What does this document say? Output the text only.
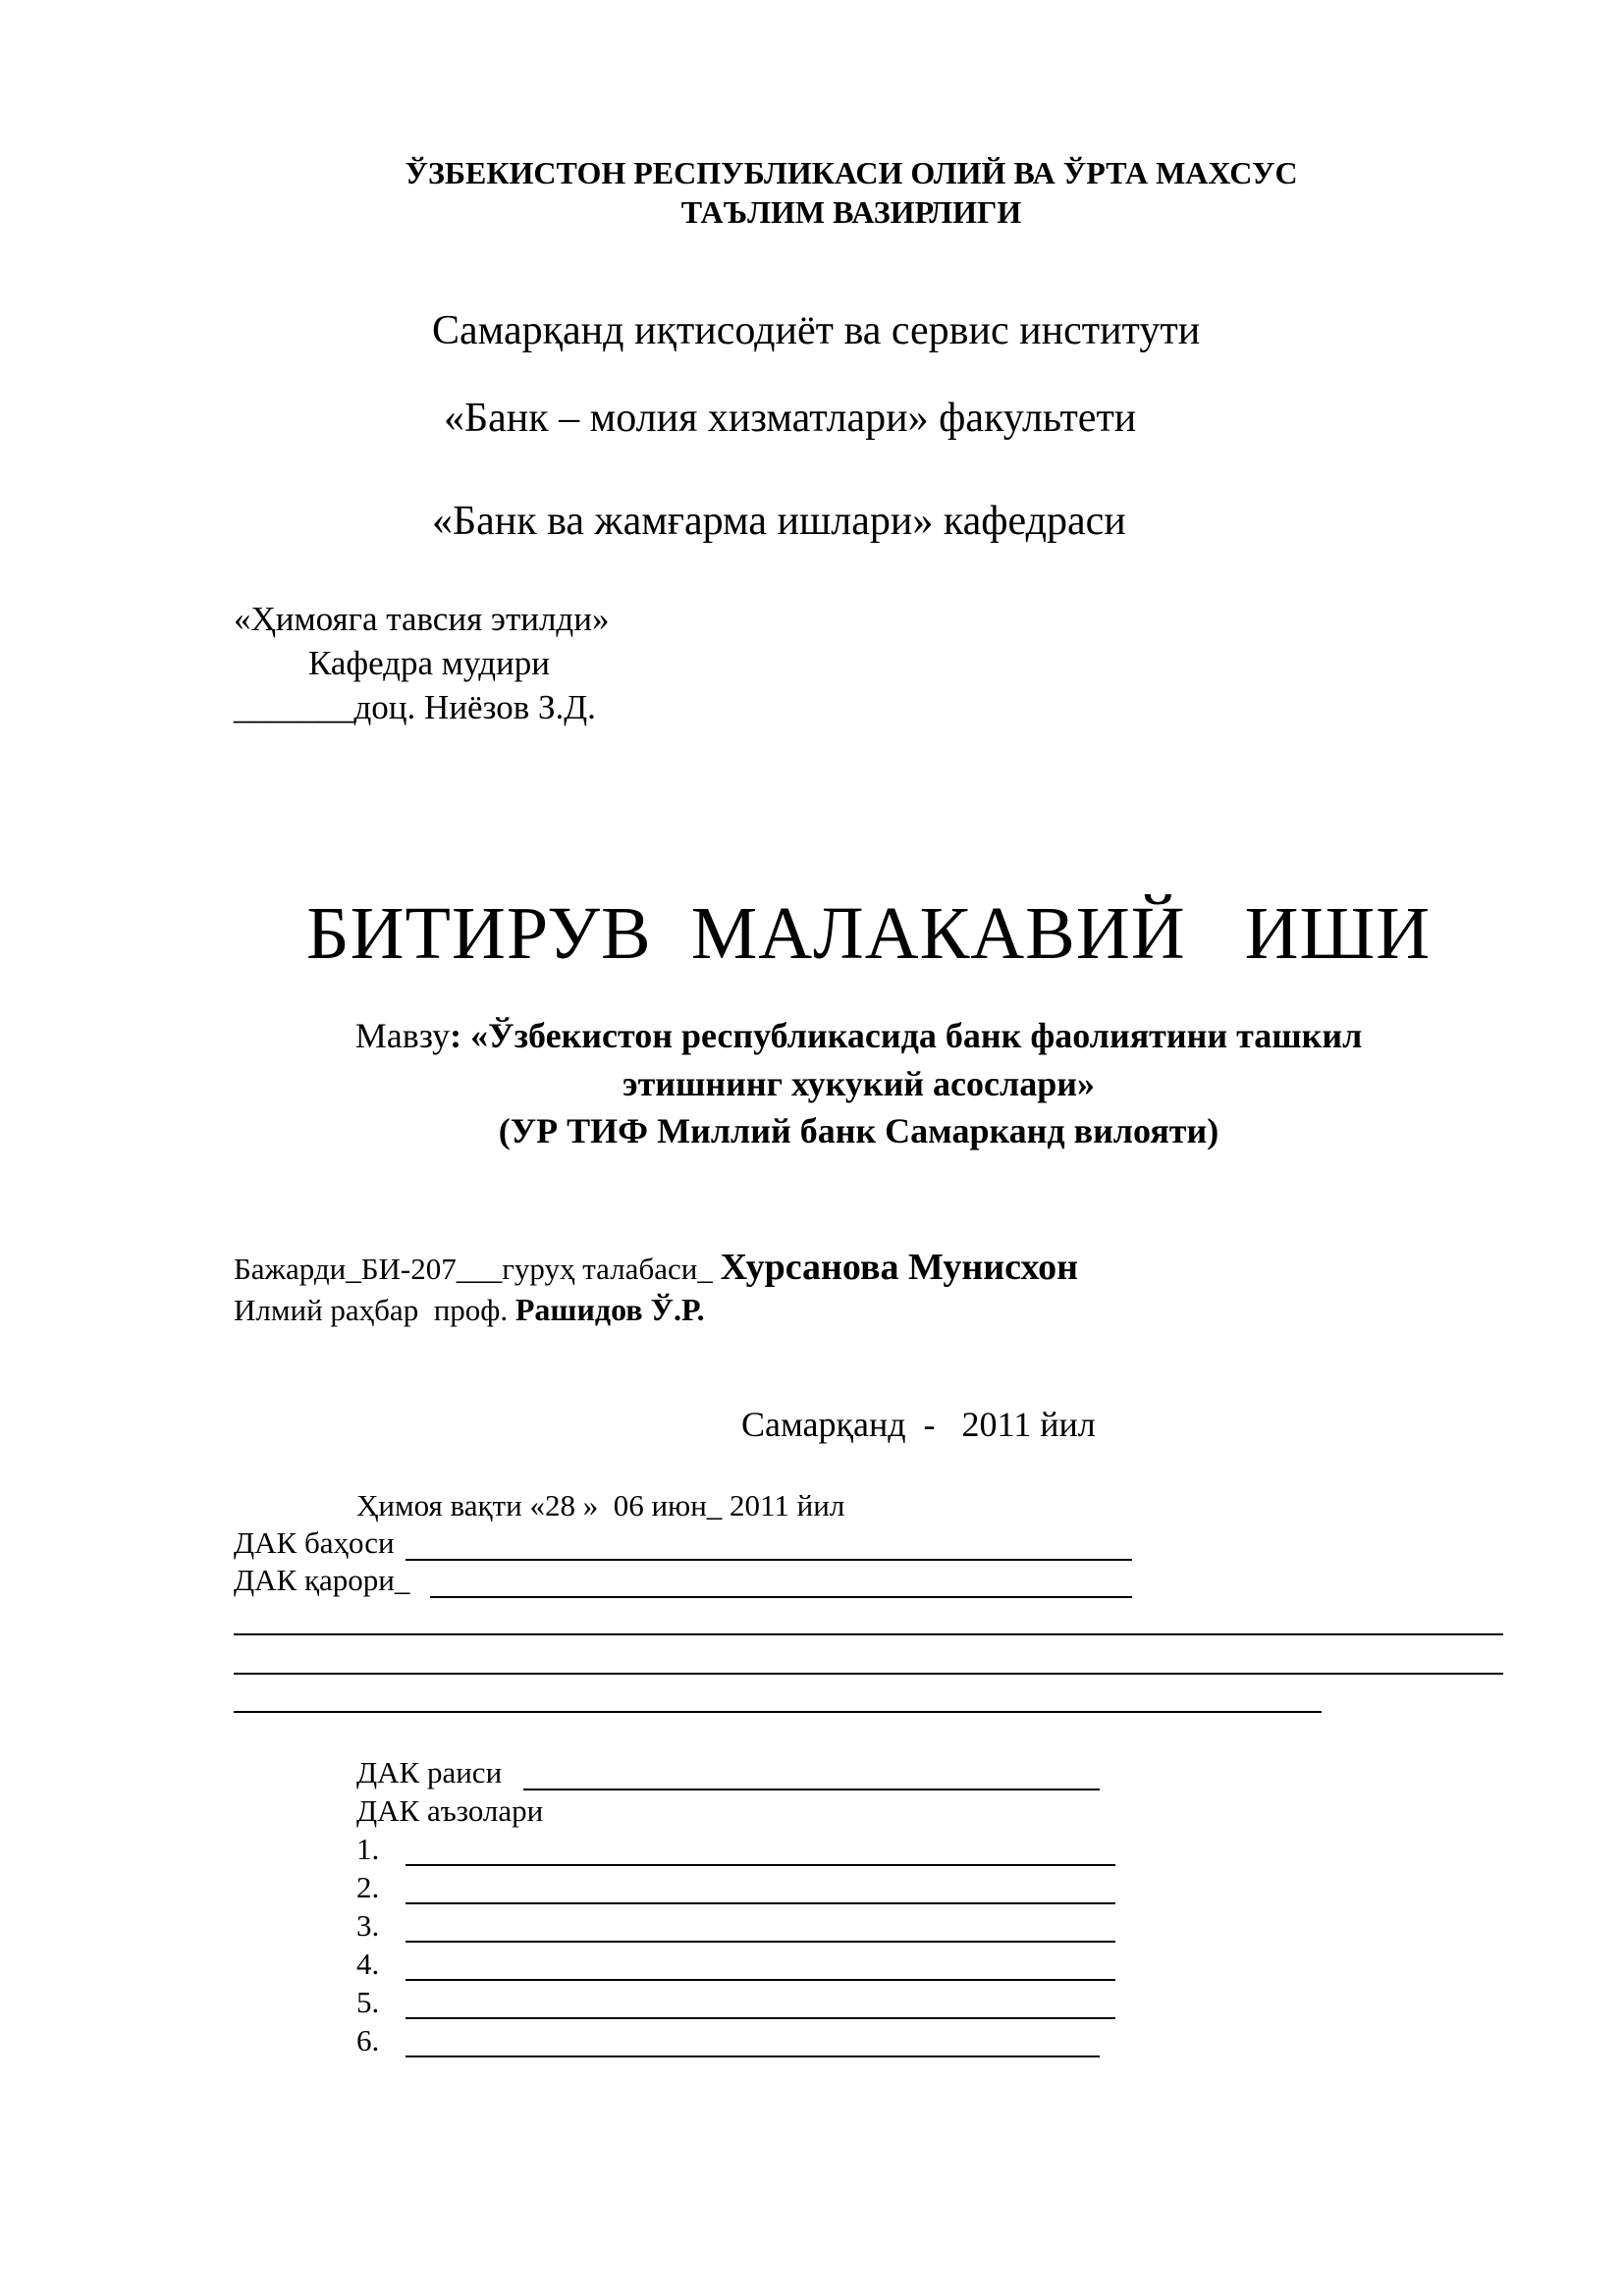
ЎЗБЕКИСТОН РЕСПУБЛИКАСИ ОЛИЙ ВА ЎРТА МАХСУС
ТАЪЛИМ ВАЗИРЛИГИ
Самарқанд иқтисодиёт ва сервис институти
«Банк – молия хизматлари» факультети
«Банк ва жамғарма ишлари» кафедраси
«Ҳимояга тавсия этилди»
Кафедра мудири
_______доц. Ниёзов З.Д.
БИТИРУВ  МАЛАКАВИЙ   ИШИ
Мавзу: «Ўзбекистон республикасида банк фаолиятини ташкил
этишнинг хукукий асослари»
(УР ТИФ Миллий банк Самарканд вилояти)
Бажарди_БИ-207___гуруҳ талабаси_ Хурсанова Мунисхон
Илмий раҳбар  проф. Рашидов Ў.Р.
Самарқанд  -   2011 йил
Ҳимоя вақти «28 »  06 июн_ 2011 йил
ДАК баҳоси
ДАК қарори_
ДАК раиси
ДАК аъзолари
1.
2.
3.
4.
5.
6.
